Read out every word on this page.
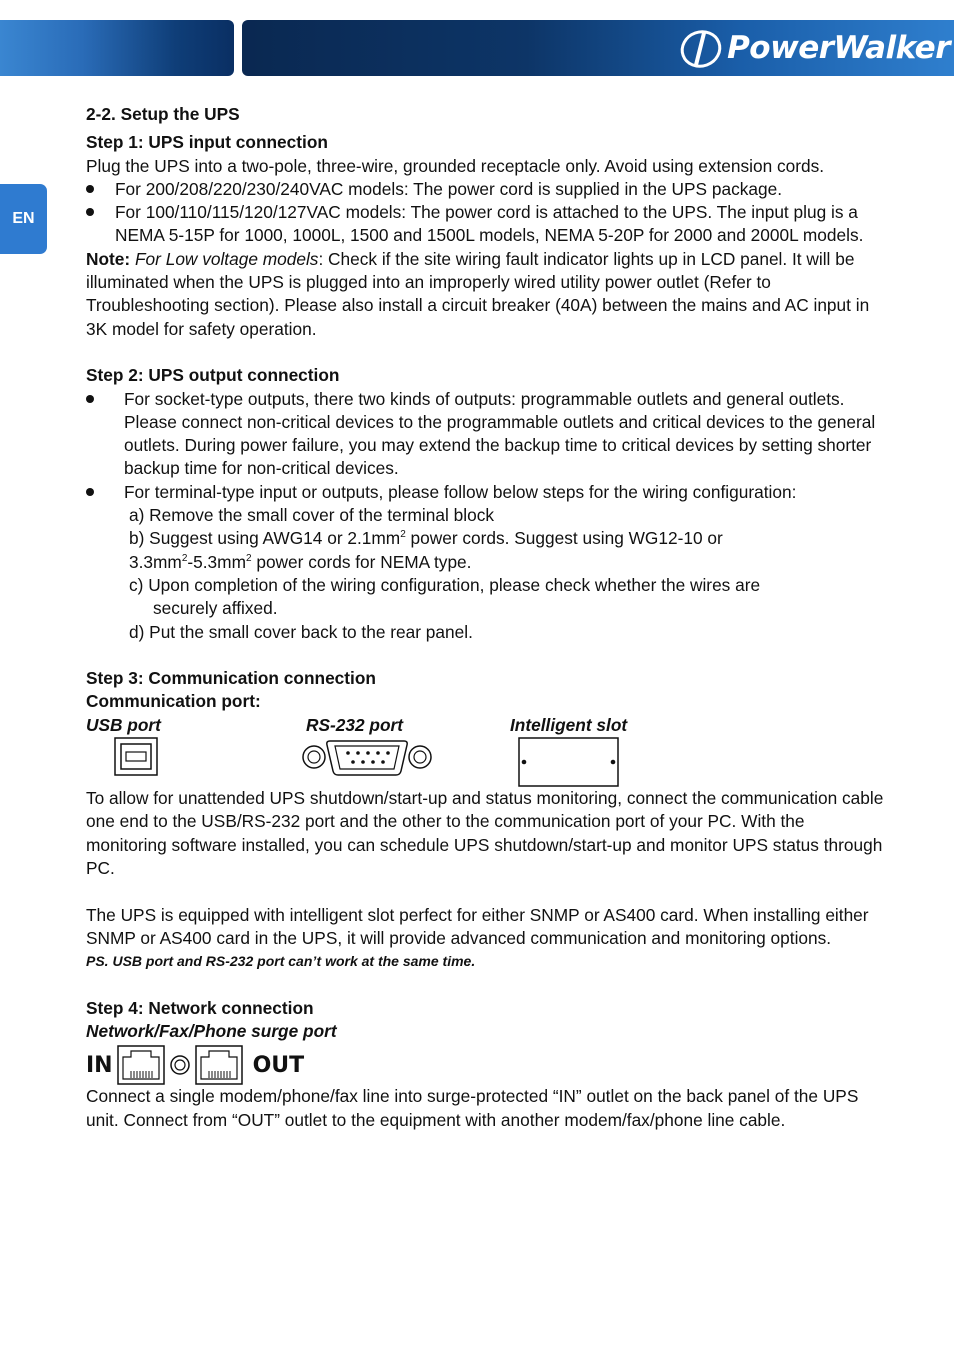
PowerWalker
EN

2-2. Setup the UPS

Step 1: UPS input connection

Plug the UPS into a two-pole, three-wire, grounded receptacle only. Avoid using extension cords.

For 200/208/220/230/240VAC models: The power cord is supplied in the UPS package.

For 100/110/115/120/127VAC models: The power cord is attached to the UPS. The input plug is a NEMA 5-15P for 1000, 1000L, 1500 and 1500L models, NEMA 5-20P for 2000 and 2000L models.

Note: For Low voltage models: Check if the site wiring fault indicator lights up in LCD panel. It will be illuminated when the UPS is plugged into an improperly wired utility power outlet (Refer to Troubleshooting section). Please also install a circuit breaker (40A) between the mains and AC input in 3K model for safety operation.

Step 2: UPS output connection

For socket-type outputs, there two kinds of outputs: programmable outlets and general outlets. Please connect non-critical devices to the programmable outlets and critical devices to the general outlets. During power failure, you may extend the backup time to critical devices by setting shorter backup time for non-critical devices.

For terminal-type input or outputs, please follow below steps for the wiring configuration:

a) Remove the small cover of the terminal block

b) Suggest using AWG14 or $2.1mm^2$ power cords. Suggest using WG12-10 or

$3.3mm^2-5.3mm^2$ power cords for NEMA type.

c) Upon completion of the wiring configuration, please check whether the wires are

securely affixed.

d) Put the small cover back to the rear panel.

Step 3: Communication connection

Communication port:

USB port	RS-232 port	Intelligent slot

To allow for unattended UPS shutdown/start-up and status monitoring, connect the communication cable one end to the USB/RS-232 port and the other to the communication port of your PC. With the monitoring software installed, you can schedule UPS shutdown/start-up and monitor UPS status through PC.

The UPS is equipped with intelligent slot perfect for either SNMP or AS400 card. When installing either SNMP or AS400 card in the UPS, it will provide advanced communication and monitoring options.

PS. USB port and RS-232 port can’t work at the same time.

Step 4: Network connection

Network/Fax/Phone surge port

IN	OUT

Connect a single modem/phone/fax line into surge-protected “IN” outlet on the back panel of the UPS unit. Connect from “OUT” outlet to the equipment with another modem/fax/phone line cable.
